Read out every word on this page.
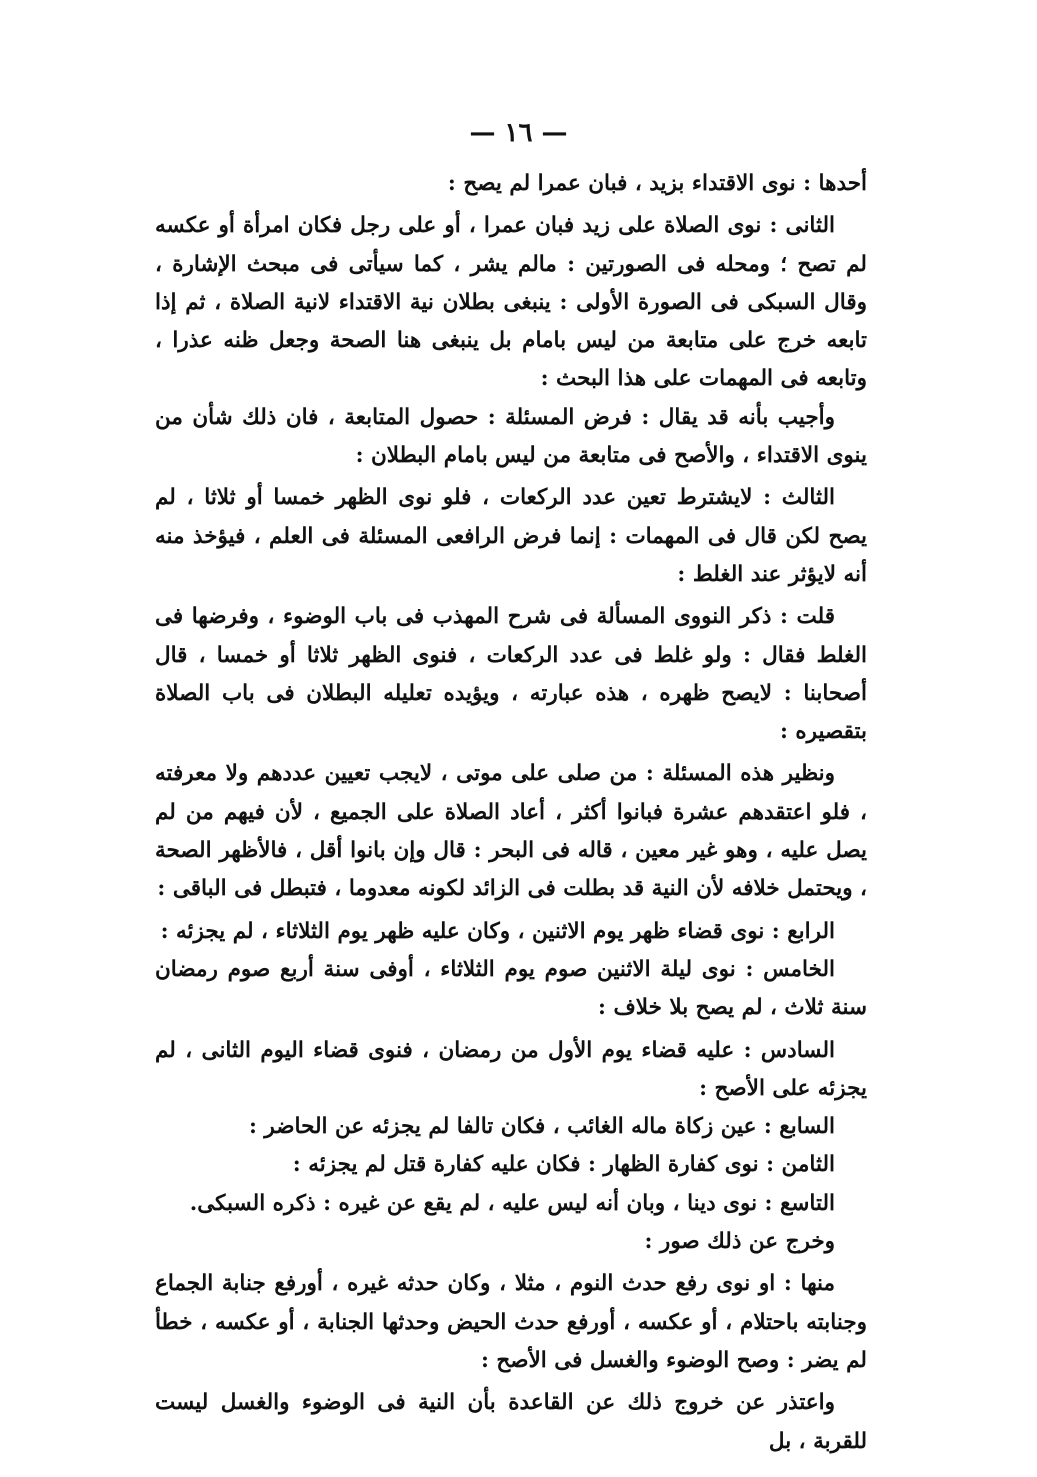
— ١٦ —

أحدها : نوى الاقتداء بزيد ، فبان عمرا لم يصح :

الثانى : نوى الصلاة على زيد فبان عمرا ، أو على رجل فكان امرأة أو عكسه لم تصح ؛ ومحله فى الصورتين : مالم يشر ، كما سيأتى فى مبحث الإشارة ، وقال السبكى فى الصورة الأولى : ينبغى بطلان نية الاقتداء لانية الصلاة ، ثم إذا تابعه خرج على متابعة من ليس بامام بل ينبغى هنا الصحة وجعل ظنه عذرا ، وتابعه فى المهمات على هذا البحث :

وأجيب بأنه قد يقال : فرض المسئلة : حصول المتابعة ، فان ذلك شأن من ينوى الاقتداء ، والأصح فى متابعة من ليس بامام البطلان :

الثالث : لايشترط تعين عدد الركعات ، فلو نوى الظهر خمسا أو ثلاثا ، لم يصح لكن قال فى المهمات : إنما فرض الرافعى المسئلة فى العلم ، فيؤخذ منه أنه لايؤثر عند الغلط :

قلت : ذكر النووى المسألة فى شرح المهذب فى باب الوضوء ، وفرضها فى الغلط فقال : ولو غلط فى عدد الركعات ، فنوى الظهر ثلاثا أو خمسا ، قال أصحابنا : لايصح ظهره ، هذه عبارته ، ويؤيده تعليله البطلان فى باب الصلاة بتقصيره :

ونظير هذه المسئلة : من صلى على موتى ، لايجب تعيين عددهم ولا معرفته ، فلو اعتقدهم عشرة فبانوا أكثر ، أعاد الصلاة على الجميع ، لأن فيهم من لم يصل عليه ، وهو غير معين ، قاله فى البحر : قال وإن بانوا أقل ، فالأظهر الصحة ، ويحتمل خلافه لأن النية قد بطلت فى الزائد لكونه معدوما ، فتبطل فى الباقى :

الرابع : نوى قضاء ظهر يوم الاثنين ، وكان عليه ظهر يوم الثلاثاء ، لم يجزئه :

الخامس : نوى ليلة الاثنين صوم يوم الثلاثاء ، أوفى سنة أربع صوم رمضان سنة ثلاث ، لم يصح بلا خلاف :

السادس : عليه قضاء يوم الأول من رمضان ، فنوى قضاء اليوم الثانى ، لم يجزئه على الأصح :

السابع : عين زكاة ماله الغائب ، فكان تالفا لم يجزئه عن الحاضر :

الثامن : نوى كفارة الظهار : فكان عليه كفارة قتل لم يجزئه :

التاسع : نوى دينا ، وبان أنه ليس عليه ، لم يقع عن غيره : ذكره السبكى.

وخرج عن ذلك صور :

منها : او نوى رفع حدث النوم ، مثلا ، وكان حدثه غيره ، أورفع جنابة الجماع وجنابته باحتلام ، أو عكسه ، أورفع حدث الحيض وحدثها الجنابة ، أو عكسه ، خطأ لم يضر : وصح الوضوء والغسل فى الأصح :

واعتذر عن خروج ذلك عن القاعدة بأن النية فى الوضوء والغسل ليست للقربة ، بل
